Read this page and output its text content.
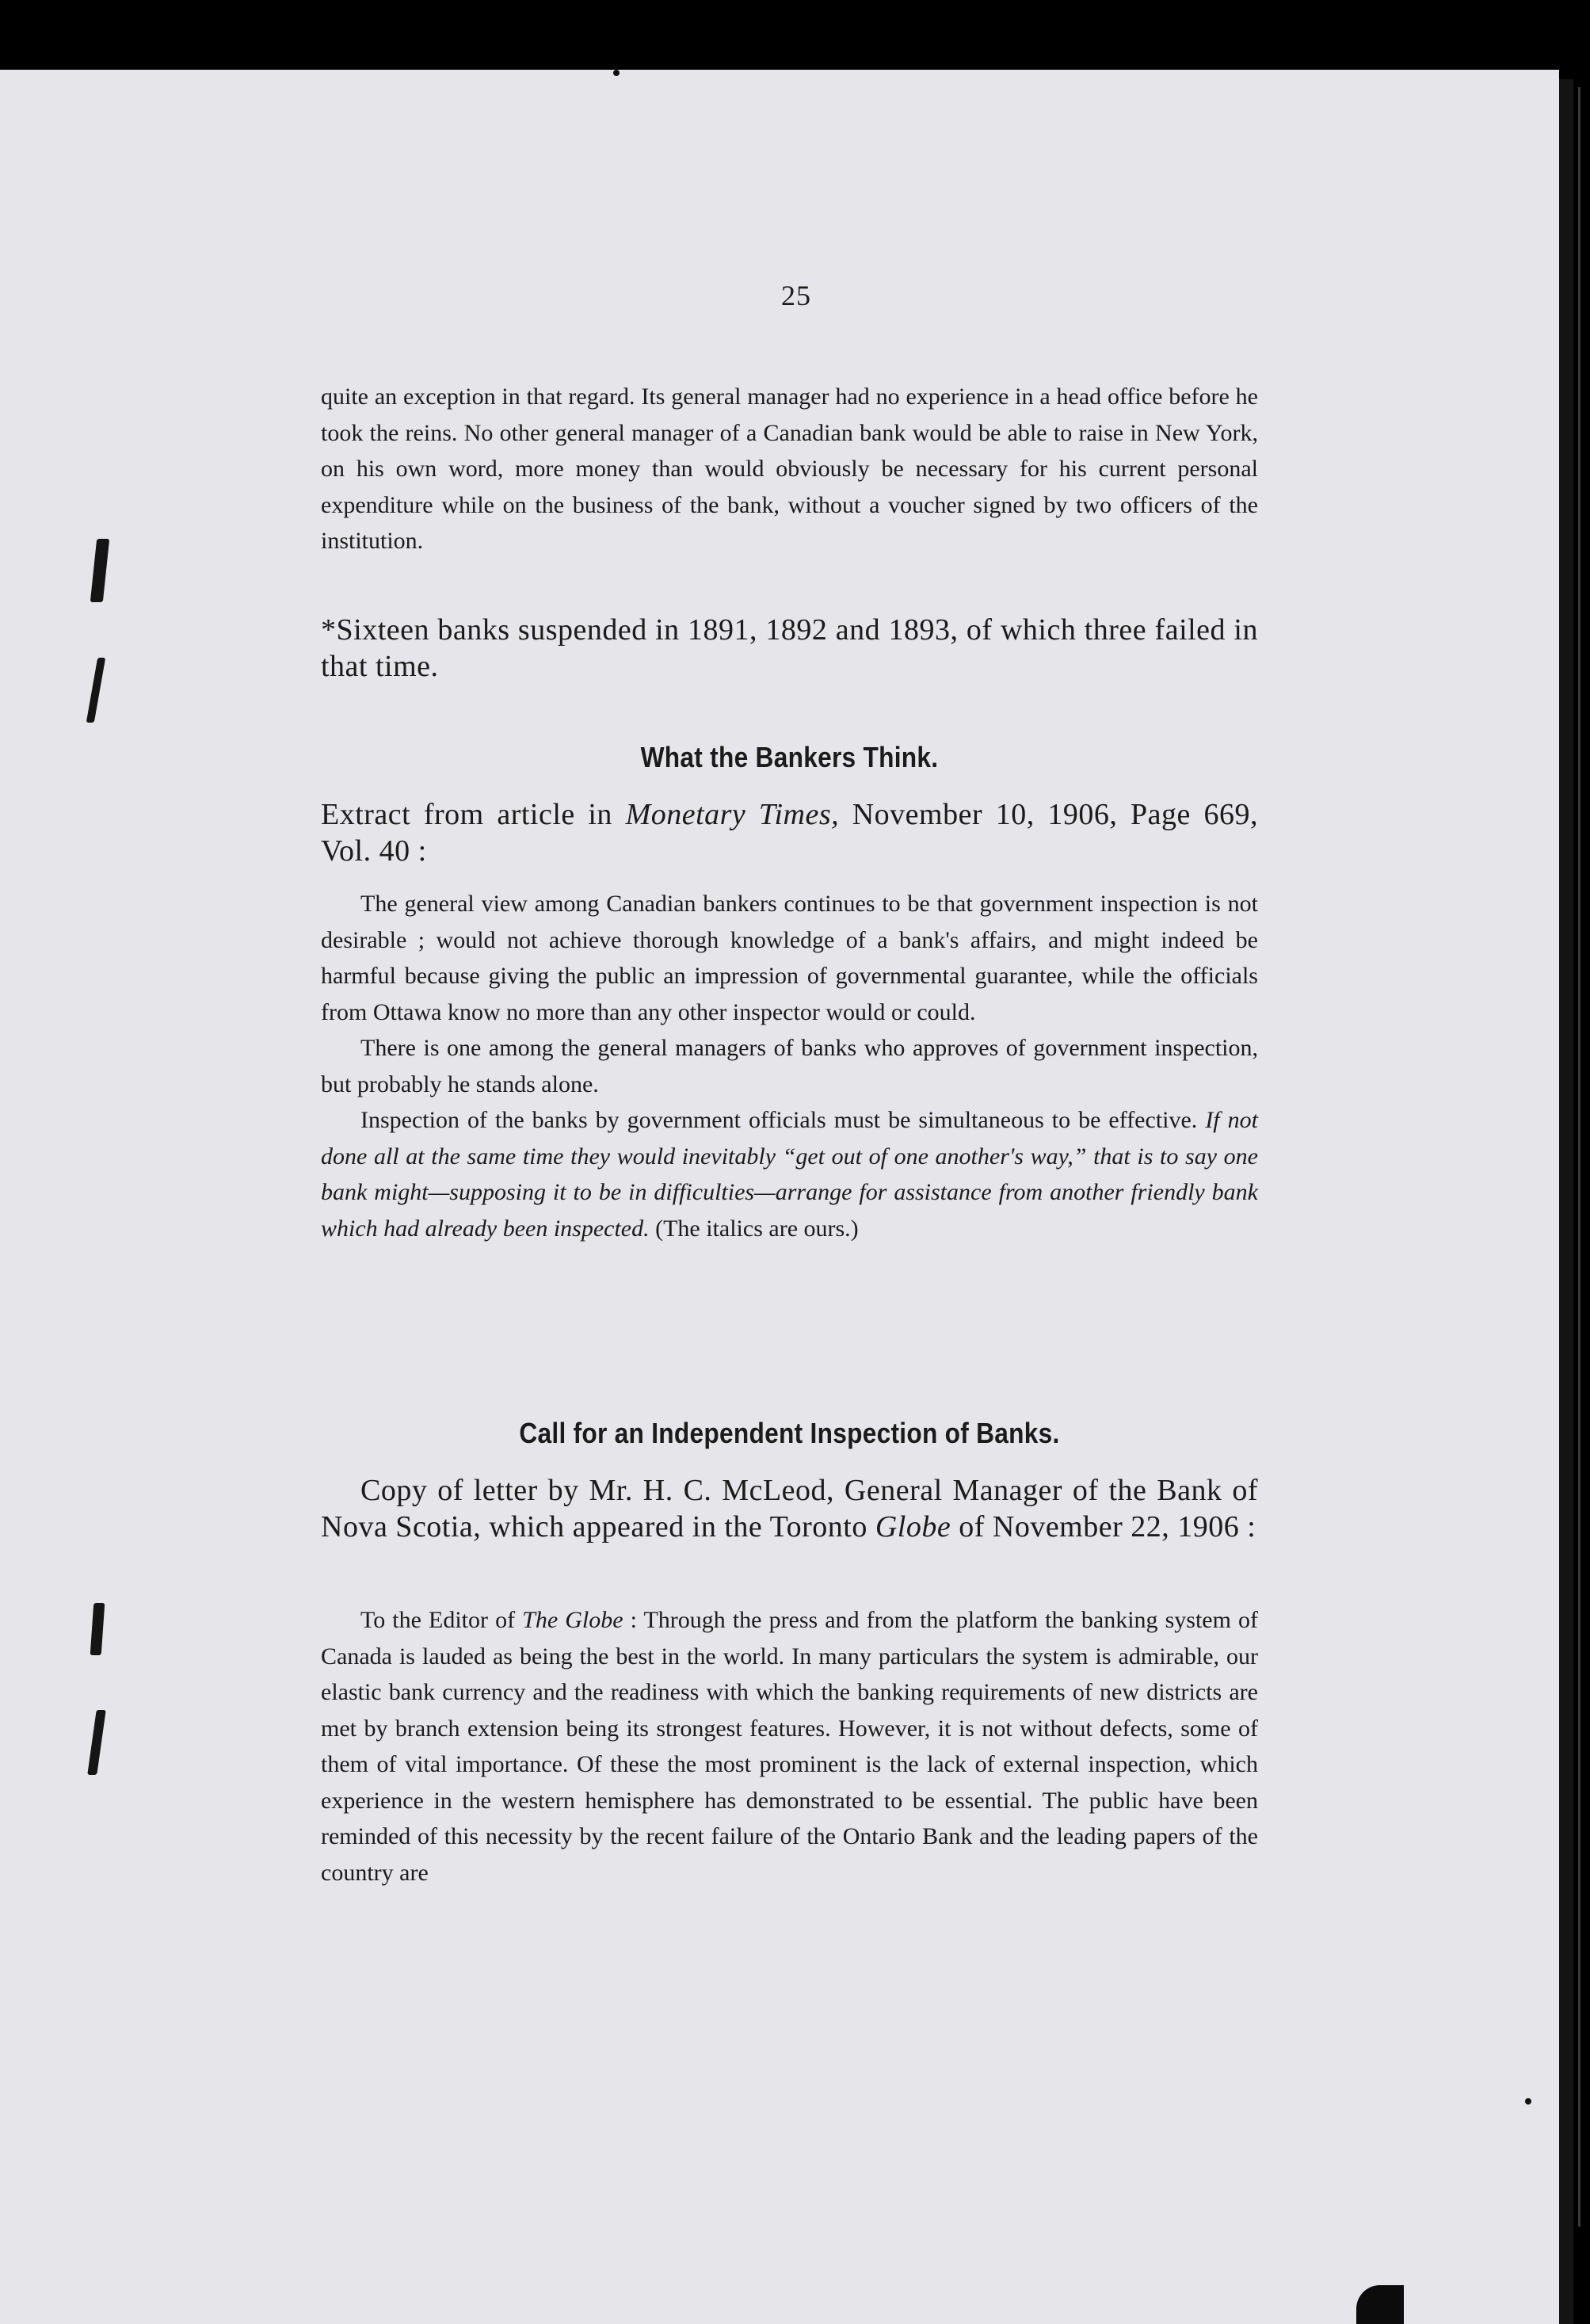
25

quite an exception in that regard. Its general manager had no experience in a head office before he took the reins. No other general manager of a Canadian bank would be able to raise in New York, on his own word, more money than would obviously be necessary for his current personal expenditure while on the business of the bank, without a voucher signed by two officers of the institution.

*Sixteen banks suspended in 1891, 1892 and 1893, of which three failed in that time.

What the Bankers Think.

Extract from article in Monetary Times, November 10, 1906, Page 669, Vol. 40 :

The general view among Canadian bankers continues to be that government inspection is not desirable ; would not achieve thorough knowledge of a bank's affairs, and might indeed be harmful because giving the public an impression of governmental guarantee, while the officials from Ottawa know no more than any other inspector would or could.

There is one among the general managers of banks who approves of government inspection, but probably he stands alone.

Inspection of the banks by government officials must be simultaneous to be effective. If not done all at the same time they would inevitably “get out of one another's way,” that is to say one bank might—supposing it to be in difficulties—arrange for assistance from another friendly bank which had already been inspected. (The italics are ours.)

Call for an Independent Inspection of Banks.

Copy of letter by Mr. H. C. McLeod, General Manager of the Bank of Nova Scotia, which appeared in the Toronto Globe of November 22, 1906 :

To the Editor of The Globe : Through the press and from the platform the banking system of Canada is lauded as being the best in the world. In many particulars the system is admirable, our elastic bank currency and the readiness with which the banking requirements of new districts are met by branch extension being its strongest features. However, it is not without defects, some of them of vital importance. Of these the most prominent is the lack of external inspection, which experience in the western hemisphere has demonstrated to be essential. The public have been reminded of this necessity by the recent failure of the Ontario Bank and the leading papers of the country are
